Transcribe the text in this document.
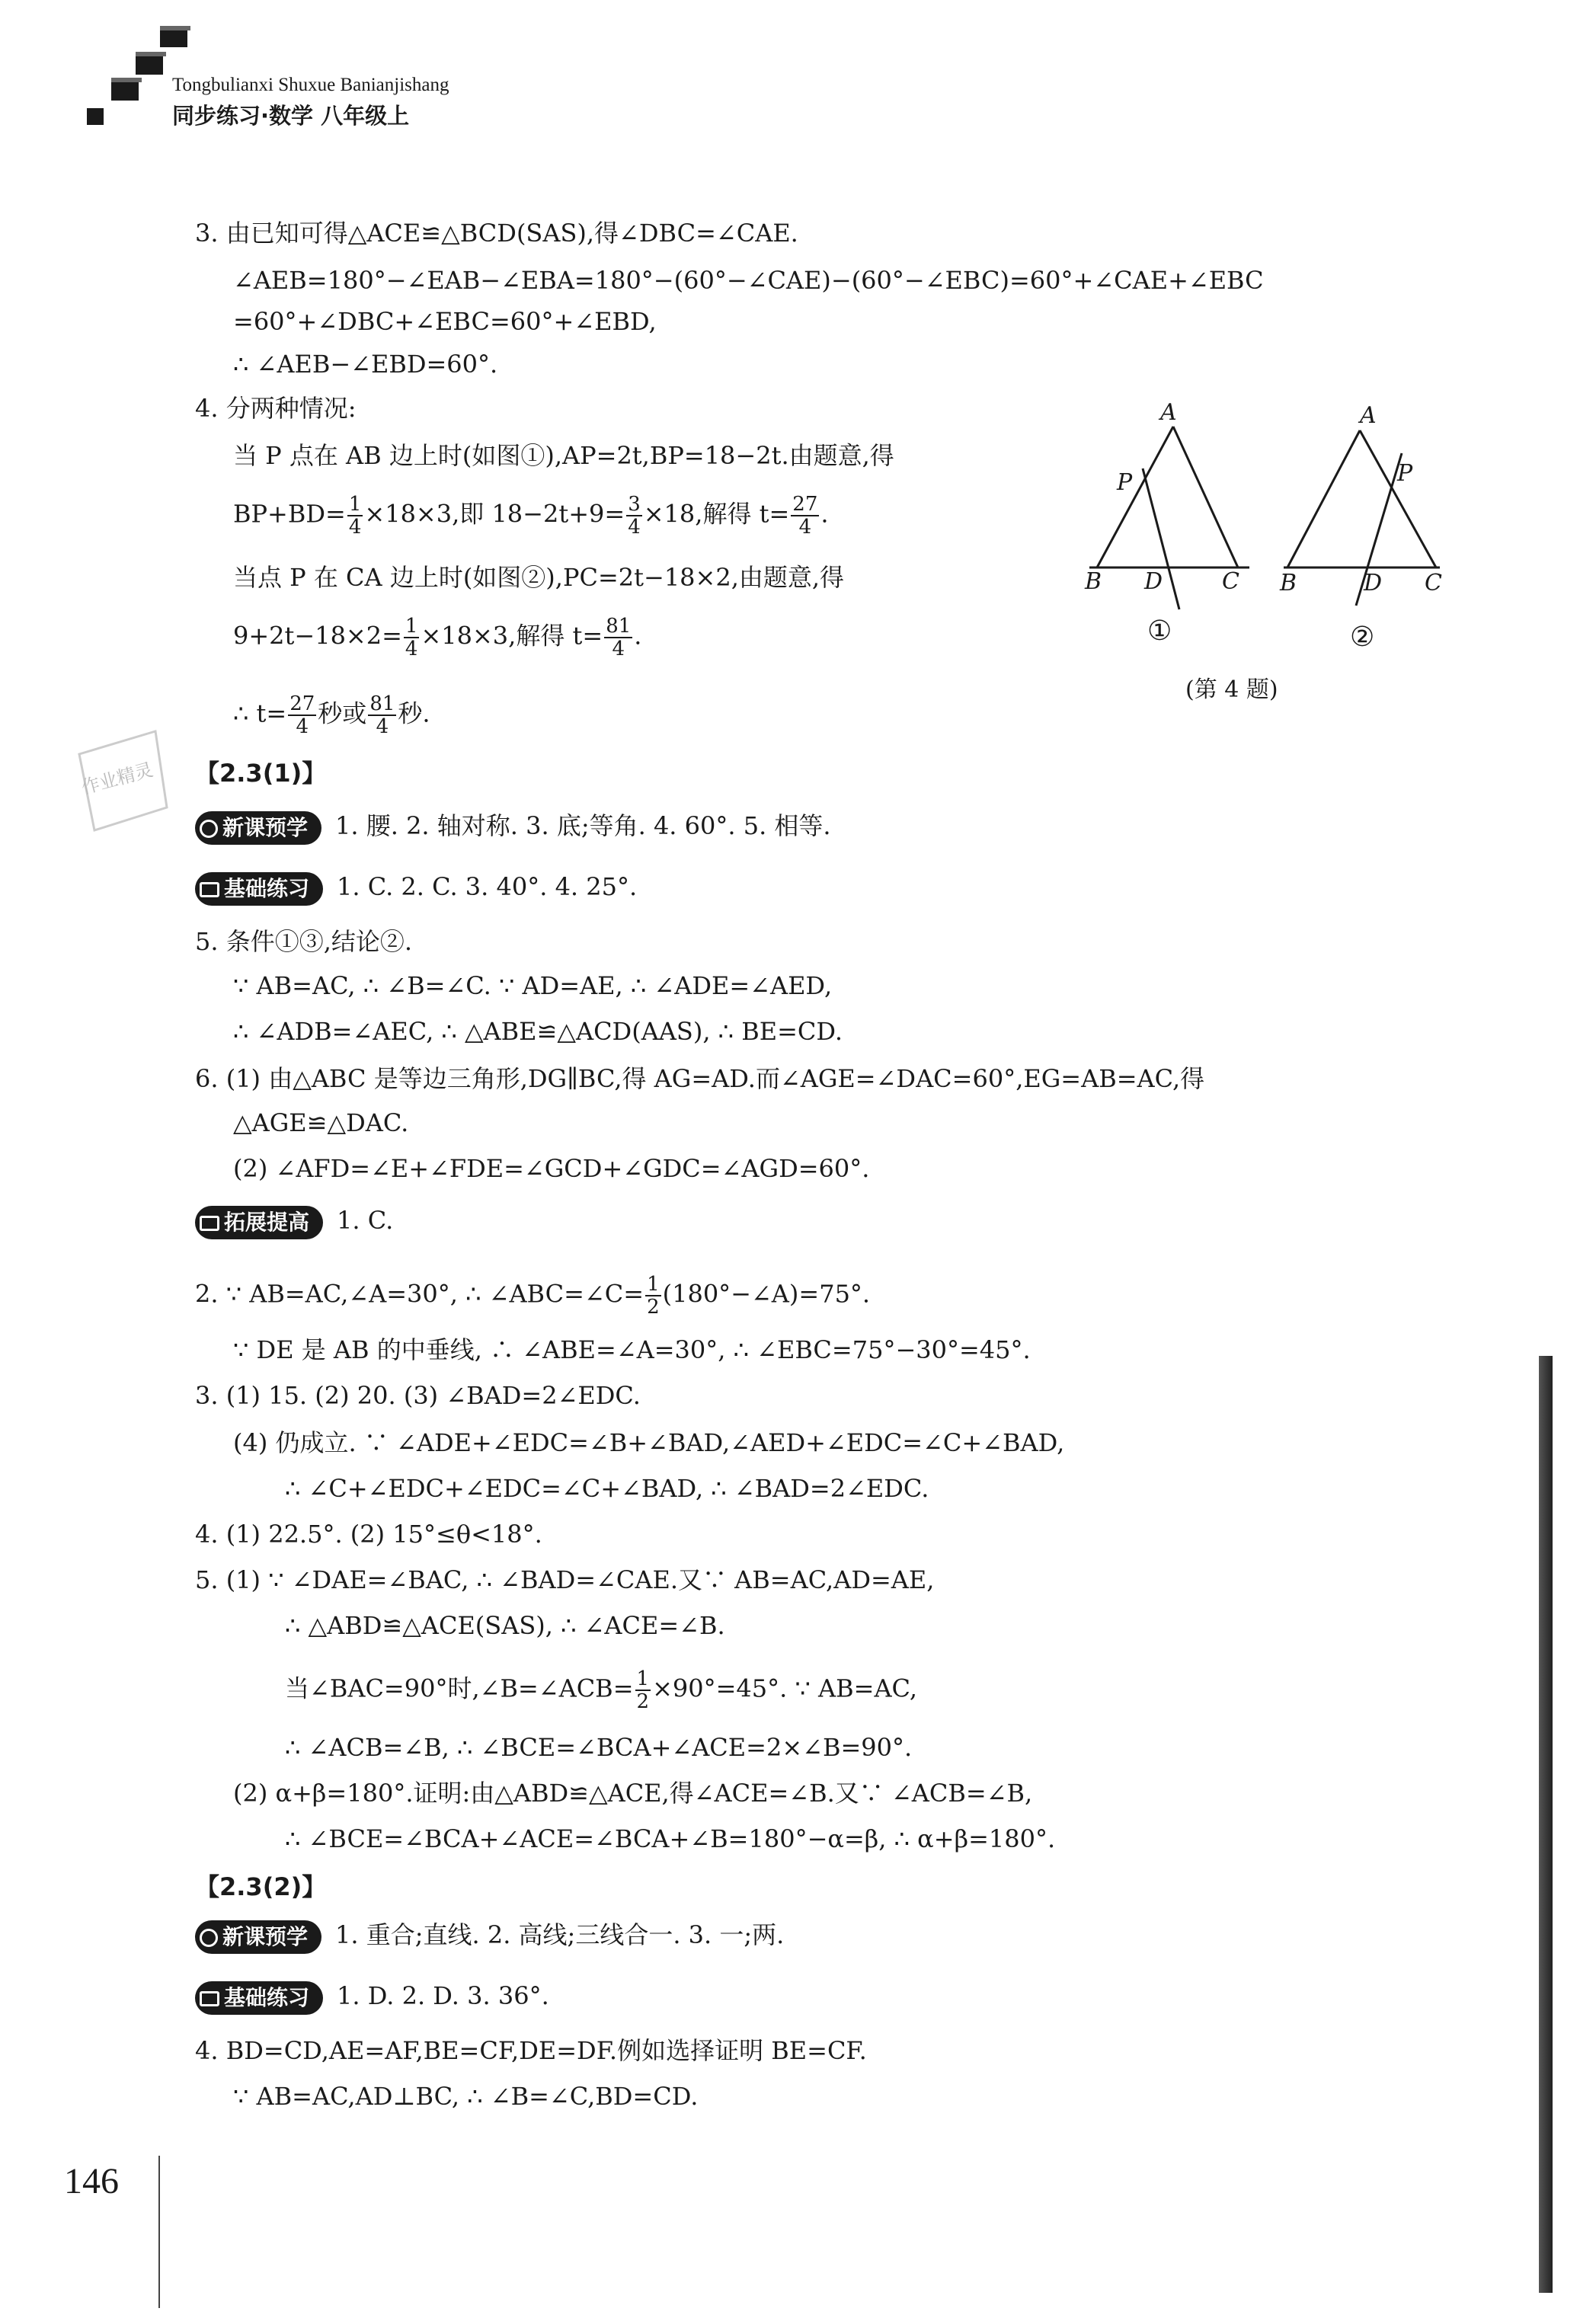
Tongbulianxi Shuxue Banianjishang
同步练习·数学 八年级上
3. 由已知可得△ACE≌△BCD(SAS),得∠DBC=∠CAE.
∠AEB=180°−∠EAB−∠EBA=180°−(60°−∠CAE)−(60°−∠EBC)=60°+∠CAE+∠EBC
=60°+∠DBC+∠EBC=60°+∠EBD,
∴ ∠AEB−∠EBD=60°.
4. 分两种情况:
当 P 点在 AB 边上时(如图①),AP=2t,BP=18−2t.由题意,得
$BP+BD= \frac{1}{4} \times 18\times 3$,即 $18-2t+9= \frac{3}{4} \times 18$,解得 $t= \frac{27}{4}$ .
当点 P 在 CA 边上时(如图②),PC=2t−18×2,由题意,得
$9+2t-18\times 2= \frac{1}{4} \times 18\times 3$,解得 $t= \frac{81}{4}$ .
∴ $t= \frac{27}{4}$ 秒或 $\frac{81}{4}$ 秒.
A
P
B D	C
①
A
P
B	D C
②
(第 4 题)
作业精灵 【2.3(1)】
新课预学 1. 腰. 2. 轴对称. 3. 底;等角. 4. 60°. 5. 相等.
基础练习 1. C. 2. C. 3. 40°. 4. 25°.
5. 条件①③,结论②.
∵ AB=AC, ∴ ∠B=∠C. ∵ AD=AE, ∴ ∠ADE=∠AED,
∴ ∠ADB=∠AEC, ∴ △ABE≌△ACD(AAS), ∴ BE=CD.
6. (1) 由△ABC 是等边三角形,DG∥BC,得 AG=AD.而∠AGE=∠DAC=60°,EG=AB=AC,得
△AGE≌△DAC.
(2) ∠AFD=∠E+∠FDE=∠GCD+∠GDC=∠AGD=60°.
拓展提高 1. C.
2. ∵ AB=AC,∠A=30°, ∴ ∠ABC=∠C= $\frac{1}{2}$ (180°−∠A)=75°.
∵ DE 是 AB 的中垂线, ∴ ∠ABE=∠A=30°, ∴ ∠EBC=75°−30°=45°.
3. (1) 15. (2) 20. (3) ∠BAD=2∠EDC.
(4) 仍成立. ∵ ∠ADE+∠EDC=∠B+∠BAD,∠AED+∠EDC=∠C+∠BAD,
∴ ∠C+∠EDC+∠EDC=∠C+∠BAD, ∴ ∠BAD=2∠EDC.
4. (1) 22.5°. (2) 15°≤θ<18°.
5. (1) ∵ ∠DAE=∠BAC, ∴ ∠BAD=∠CAE.又∵ AB=AC,AD=AE,
∴ △ABD≌△ACE(SAS), ∴ ∠ACE=∠B.
当∠BAC=90°时,∠B=∠ACB= $\frac{1}{2} \times 90^\circ=45^\circ$. ∵ AB=AC,
∴ ∠ACB=∠B, ∴ ∠BCE=∠BCA+∠ACE=2×∠B=90°.
(2) α+β=180°.证明:由△ABD≌△ACE,得∠ACE=∠B.又∵ ∠ACB=∠B,
∴ ∠BCE=∠BCA+∠ACE=∠BCA+∠B=180°−α=β, ∴ α+β=180°.
【2.3(2)】
新课预学 1. 重合;直线. 2. 高线;三线合一. 3. 一;两.
基础练习 1. D. 2. D. 3. 36°.
4. BD=CD,AE=AF,BE=CF,DE=DF.例如选择证明 BE=CF.
∵ AB=AC,AD⊥BC, ∴ ∠B=∠C,BD=CD.
146
